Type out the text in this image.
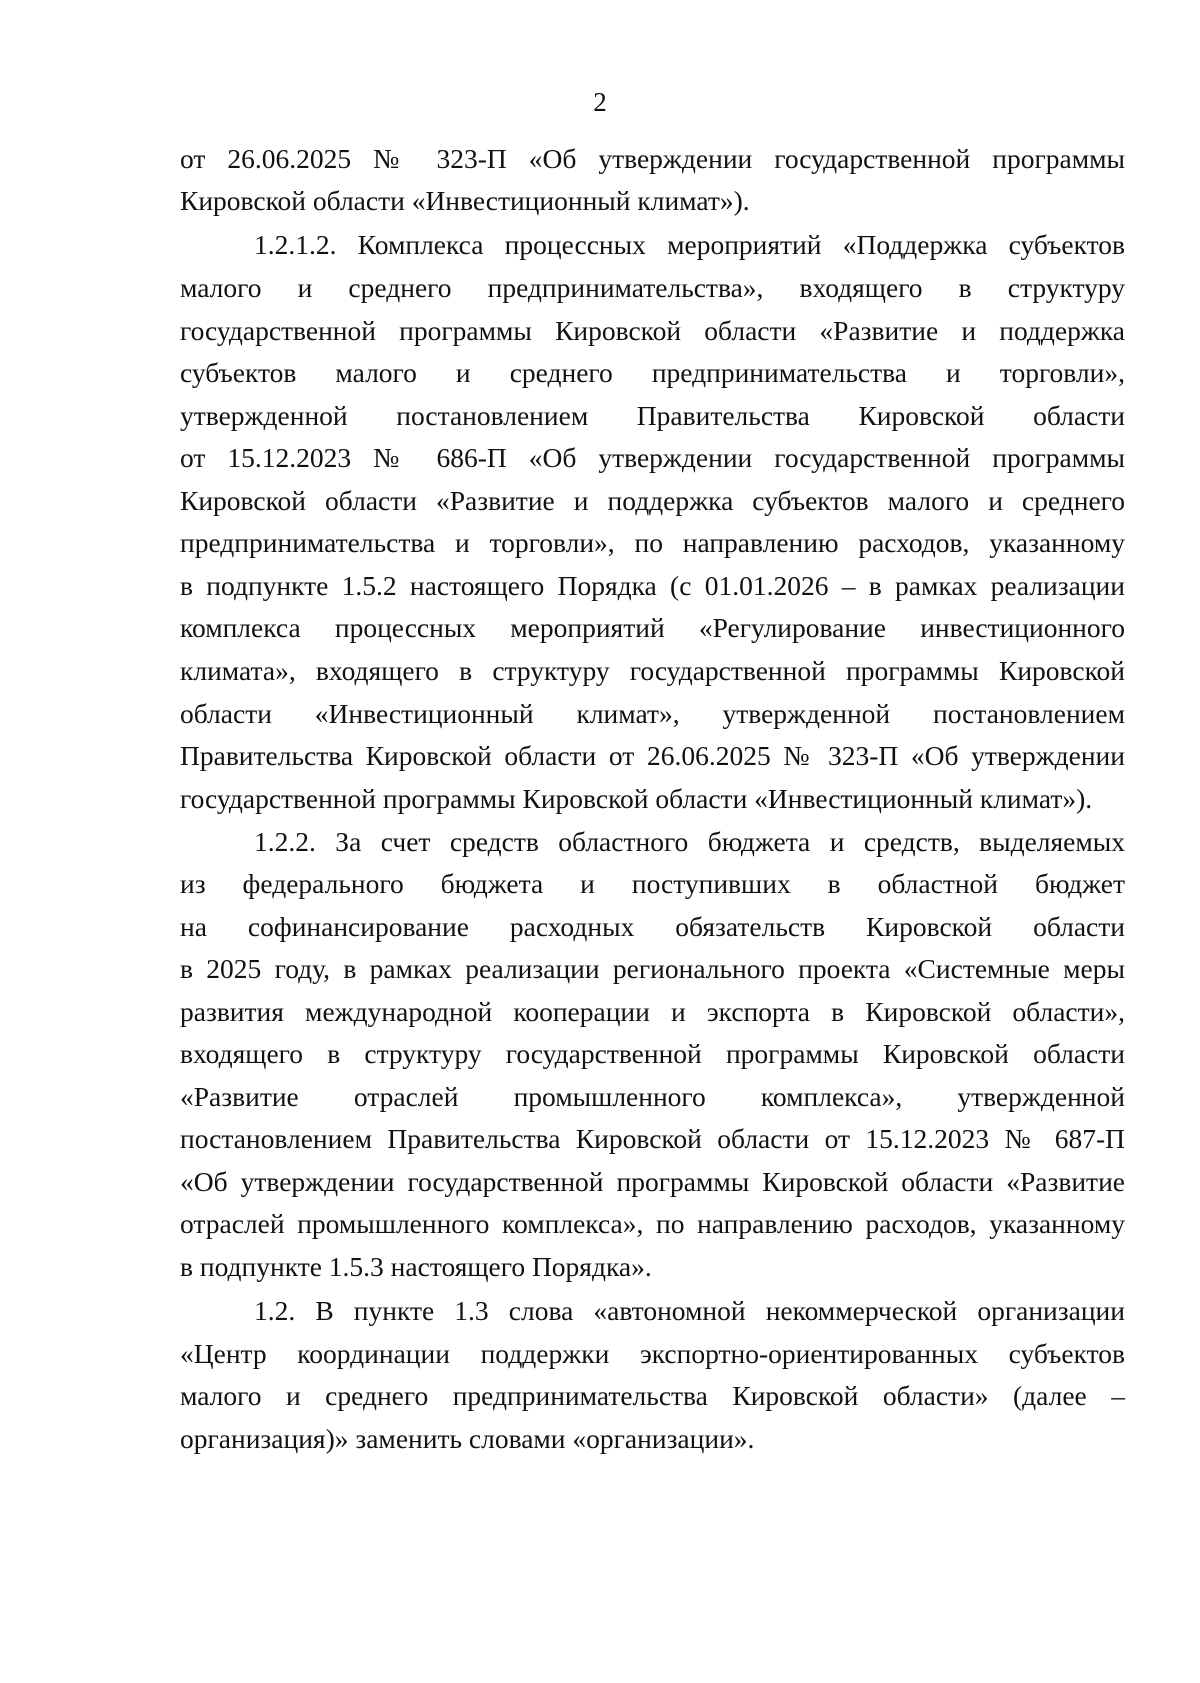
2
от 26.06.2025 № 323-П «Об утверждении государственной программы
Кировской области «Инвестиционный климат»).
1.2.1.2. Комплекса процессных мероприятий «Поддержка субъектов
малого и среднего предпринимательства», входящего в структуру
государственной программы Кировской области «Развитие и поддержка
субъектов малого и среднего предпринимательства и торговли»,
утвержденной постановлением Правительства Кировской области
от 15.12.2023 № 686-П «Об утверждении государственной программы
Кировской области «Развитие и поддержка субъектов малого и среднего
предпринимательства и торговли», по направлению расходов, указанному
в подпункте 1.5.2 настоящего Порядка (с 01.01.2026 – в рамках реализации
комплекса процессных мероприятий «Регулирование инвестиционного
климата», входящего в структуру государственной программы Кировской
области «Инвестиционный климат», утвержденной постановлением
Правительства Кировской области от 26.06.2025 № 323-П «Об утверждении
государственной программы Кировской области «Инвестиционный климат»).
1.2.2. За счет средств областного бюджета и средств, выделяемых
из федерального бюджета и поступивших в областной бюджет
на софинансирование расходных обязательств Кировской области
в 2025 году, в рамках реализации регионального проекта «Системные меры
развития международной кооперации и экспорта в Кировской области»,
входящего в структуру государственной программы Кировской области
«Развитие отраслей промышленного комплекса», утвержденной
постановлением Правительства Кировской области от 15.12.2023 № 687-П
«Об утверждении государственной программы Кировской области «Развитие
отраслей промышленного комплекса», по направлению расходов, указанному
в подпункте 1.5.3 настоящего Порядка».
1.2. В пункте 1.3 слова «автономной некоммерческой организации
«Центр координации поддержки экспортно-ориентированных субъектов
малого и среднего предпринимательства Кировской области» (далее –
организация)» заменить словами «организации».
